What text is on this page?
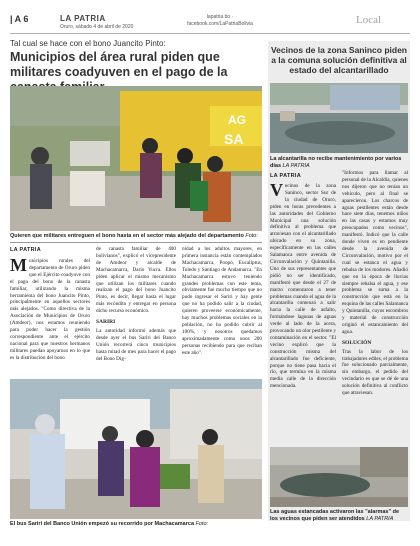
| A 6	LA PATRIA
Oruro, sábado 4 de abril de 2020
lapatria.bo · facebook.com/LaPatriaBolivia	Local
Tal cual se hace con el bono Juancito Pinto:
Municipios del área rural piden que militares coadyuven en el pago de la
AG
SA
Quieren que militares entreguen el bono hasta en el sector más alejado del departamento Foto:
LA PATRIA
Municipios rurales del departamento de Oruro piden que el Ejército coadyuve con el pago del bono de la canasta familiar, utilizando la misma herramienta del bono Juancito Pinto, principalmente en aquellos sectores más alejados. "Como directiva de la Asociación de Municipios de Oruro (Amdeor), nos estamos reuniendo para poder hacer la gestión correspondiente ante el ejército nacional para que nuestros hermanos militares puedan apoyarnos en lo que es la distribución del bono
de canasta familiar de 400 bolivianos", explicó el vicepresidente de Amdeor y alcalde de Machacamarca, Darío Yucra. Ellos piden aplicar el mismo mecanismo que utilizan los militares cuando realizan el pago del bono Juancito Pinto, es decir, llegar hasta el lugar más recóndito y entregar en persona dicho recurso económico.
SARIRI
La autoridad informó además que desde ayer el bus Sariri del Banco Unión recorrerá cinco municipios hasta mitad de mes para hacer el pago del Bono Dig-
nidad a los adultos mayores, en primera instancia están contemplados Machacamarca, Poopó, Eucaliptus, Toledo y Santiago de Andamarca. "En Machacamarca estuvo teniendo grandes problemas con este tema, obviamente fue mucho tiempo que no pudo ingresar el Sariri y hay gente que no ha podido salir a la ciudad, quieren proveerse económicamente, hay muchos problemas sociales en la población, no ha podido cubrir al 100%, y nosotros quedamos aproximadamente como unos 200 personas recibiendo para que reciban este año".
El bus Sariri del Banco Unión empezó su recorrido por Machacamarca Foto:
Vecinos de la zona Saninco piden a la comuna solución definitiva al estado del alcantarillado
La alcantarilla no recibe mantenimiento por varios días LA PATRIA
LA PATRIA
Vecinos de la zona Saninco, sector Sur de la ciudad de Oruro, piden en horas precedentes a las autoridades del Gobierno Municipal una solución definitiva al problema que atraviesan con el alcantarillado ubicado en su zona, específicamente en las calles Salamanca entre avenida de Circunvalación y Quintanilla. Uno de sus representantes que pidió no ser identificado, manifestó que desde el 27 de marzo comenzaron a tener problemas cuando el agua de la alcantarilla comenzó a salir hacia la calle de asfalto, formándose lagunas de aguas verde al lado de la acera, provocando un olor pestilente y contaminación en el sector. "El vecino explicó que la construcción misma del alcantarillado fue deficiente, porque no tiene pasa hacia el rio, que termina en la misma media calle de la dirección mencionada.
"Informos para llamar al personal de la Alcaldía, quienes nos dijeron que no tenían un vehículo, pero al final se aparecieron. Los charcos de aguas pestilentes están desde hace siete días, tenemos niños en las casas y estamos muy preocupados como vecinos", manifestó. Indicó que la calle donde viven es en pendiente desde la avenida de Circunvalación, motivo por el cual se estanca el agua y rebalsa de los modores. Añadió que en la época de lluvias siempre rebalsa el agua, y ese problema se suma a la construcción que está en la esquina de las calles Salamanca y Quintanilla, cuyos escombros y material de construcción originó el estancamiento del agua.
SOLUCIÓN
Tras la labor de los trabajadores ediles, el problema fue solucionado parcialmente, sin embargo, el pedido del vecindario es que se dé de una solución definitiva al conflicto que atraviesan.
Las aguas estancadas activaron las "alarmas" de los vecinos que piden ser atendidos LA PATRIA
